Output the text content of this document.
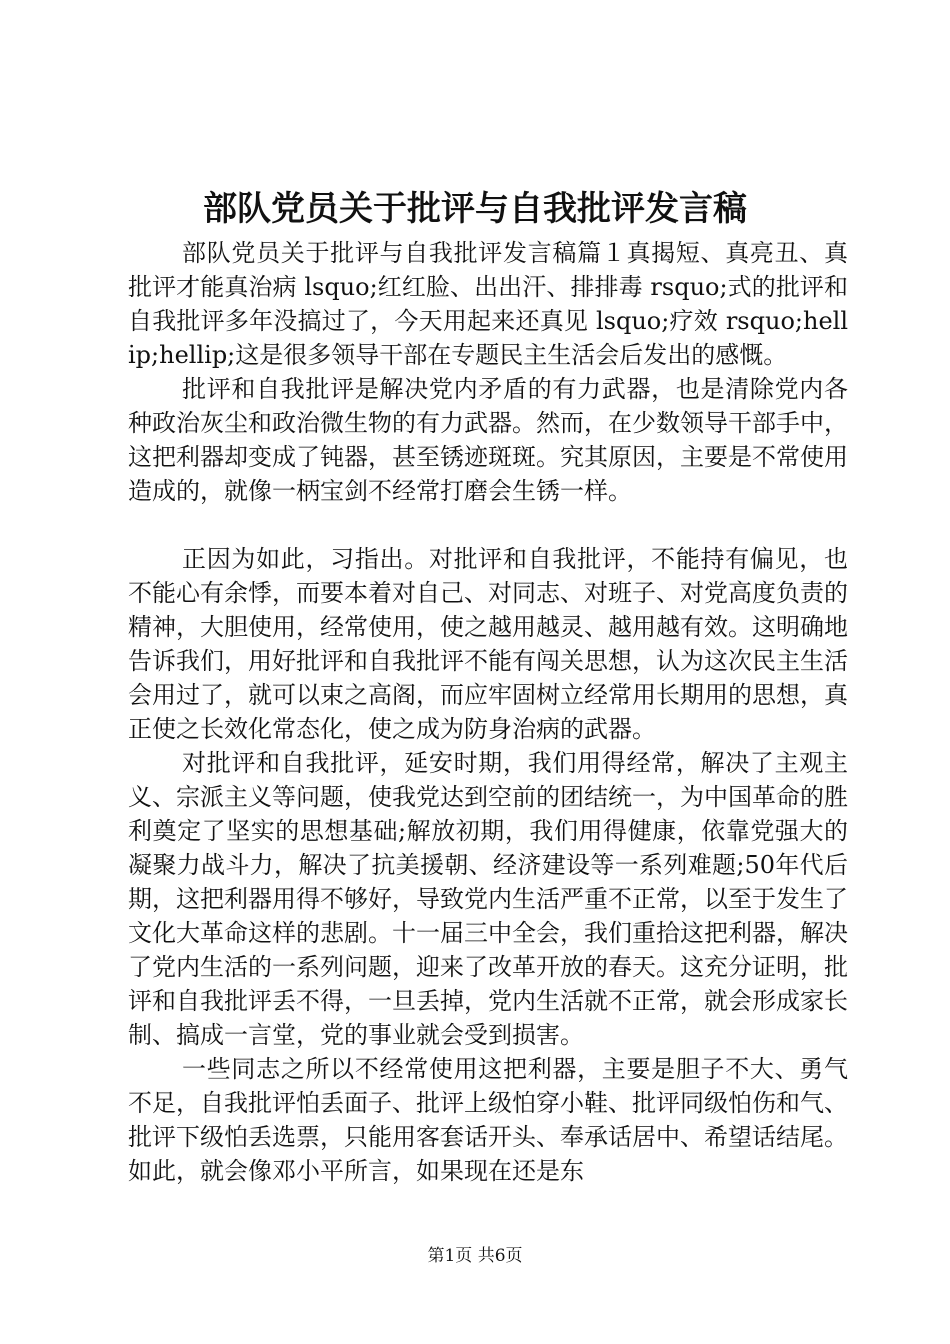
部队党员关于批评与自我批评发言稿

部队党员关于批评与自我批评发言稿篇１真揭短、真亮丑、真批评才能真治病 lsquo;红红脸、出出汗、排排毒 rsquo;式的批评和自我批评多年没搞过了，今天用起来还真见 lsquo;疗效 rsquo;hellip;hellip;这是很多领导干部在专题民主生活会后发出的感慨。

批评和自我批评是解决党内矛盾的有力武器，也是清除党内各种政治灰尘和政治微生物的有力武器。然而，在少数领导干部手中，这把利器却变成了钝器，甚至锈迹斑斑。究其原因，主要是不常使用造成的，就像一柄宝剑不经常打磨会生锈一样。

正因为如此，习指出。对批评和自我批评，不能持有偏见，也不能心有余悸，而要本着对自己、对同志、对班子、对党高度负责的精神，大胆使用，经常使用，使之越用越灵、越用越有效。这明确地告诉我们，用好批评和自我批评不能有闯关思想，认为这次民主生活会用过了，就可以束之高阁，而应牢固树立经常用长期用的思想，真正使之长效化常态化，使之成为防身治病的武器。

对批评和自我批评，延安时期，我们用得经常，解决了主观主义、宗派主义等问题，使我党达到空前的团结统一，为中国革命的胜利奠定了坚实的思想基础;解放初期，我们用得健康，依靠党强大的凝聚力战斗力，解决了抗美援朝、经济建设等一系列难题;50年代后期，这把利器用得不够好，导致党内生活严重不正常，以至于发生了文化大革命这样的悲剧。十一届三中全会，我们重拾这把利器，解决了党内生活的一系列问题，迎来了改革开放的春天。这充分证明，批评和自我批评丢不得，一旦丢掉，党内生活就不正常，就会形成家长制、搞成一言堂，党的事业就会受到损害。

一些同志之所以不经常使用这把利器，主要是胆子不大、勇气不足，自我批评怕丢面子、批评上级怕穿小鞋、批评同级怕伤和气、批评下级怕丢选票，只能用客套话开头、奉承话居中、希望话结尾。如此，就会像邓小平所言，如果现在还是东

第1页 共6页
